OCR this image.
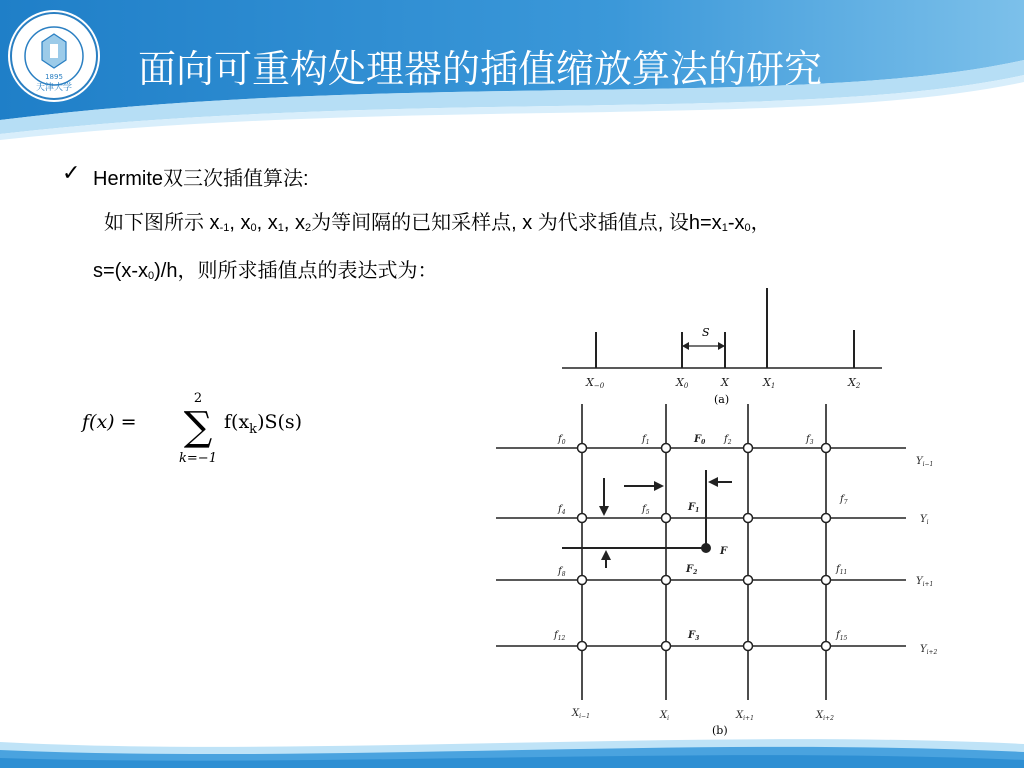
1895
天津大学 面向可重构处理器的插值缩放算法的研究
✓ Hermite双三次插值算法:
如下图所示 $x_{-1}$, $x_0$, $x_1$, $x_2$为等间隔的已知采样点, x 为代求插值点, 设$h=x_1-x_0$，
$s=(x-x_0)/h$，则所求插值点的表达式为：
f(x) =
2
∑
k=−1
$f(x_k)S(s)$
S
X−0	X0	X	X1	X2
(a)
$f_0$	$f_1$	$F_0$ $f_2$	$f_3$
$f_4$	$f_5$	$F_1$
$f_7$
$f_8$	$F_2$	$f_{11}$
$f_{12}$	$F_3$	$f_{15}$
F
$Y_{i-1}$
$Y_i$
$Y_{i+1}$
$Y_{i+2}$
$X_{i-1}$	$X_i$	$X_{i+1}$	$X_{i+2}$
(b)
